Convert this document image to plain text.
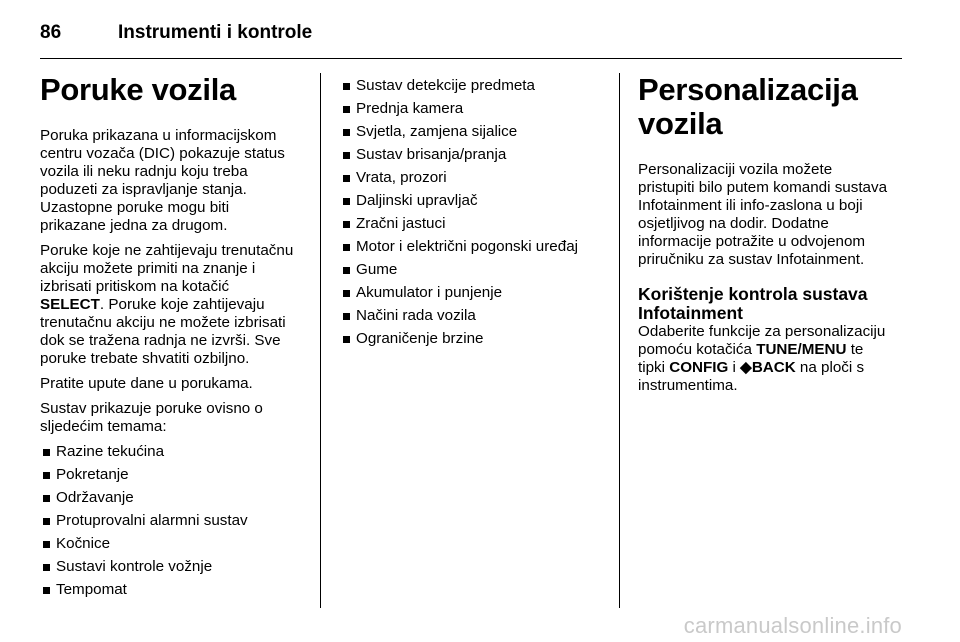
86	Instrumenti i kontrole
Poruke vozila

Poruka prikazana u informacijskom
centru vozača (DIC) pokazuje status
vozila ili neku radnju koju treba
poduzeti za ispravljanje stanja.
Uzastopne poruke mogu biti
prikazane jedna za drugom.

Poruke koje ne zahtijevaju trenutačnu
akciju možete primiti na znanje i
izbrisati pritiskom na kotačić
SELECT. Poruke koje zahtijevaju
trenutačnu akciju ne možete izbrisati
dok se tražena radnja ne izvrši. Sve
poruke trebate shvatiti ozbiljno.

Pratite upute dane u porukama.

Sustav prikazuje poruke ovisno o
sljedećim temama:

Razine tekućina
Pokretanje
Održavanje
Protuprovalni alarmni sustav
Kočnice
Sustavi kontrole vožnje
Tempomat
Sustav detekcije predmeta
Prednja kamera
Svjetla, zamjena sijalice
Sustav brisanja/pranja
Vrata, prozori
Daljinski upravljač
Zračni jastuci
Motor i električni pogonski uređaj
Gume
Akumulator i punjenje
Načini rada vozila
Ograničenje brzine
Personalizacija vozila

Personalizaciji vozila možete
pristupiti bilo putem komandi sustava
Infotainment ili info-zaslona u boji
osjetljivog na dodir. Dodatne
informacije potražite u odvojenom
priručniku za sustav Infotainment.

Korištenje kontrola sustava
Infotainment

Odaberite funkcije za personalizaciju
pomoću kotačića TUNE/MENU te
tipki CONFIG i ◆BACK na ploči s
instrumentima.

carmanualsonline.info
